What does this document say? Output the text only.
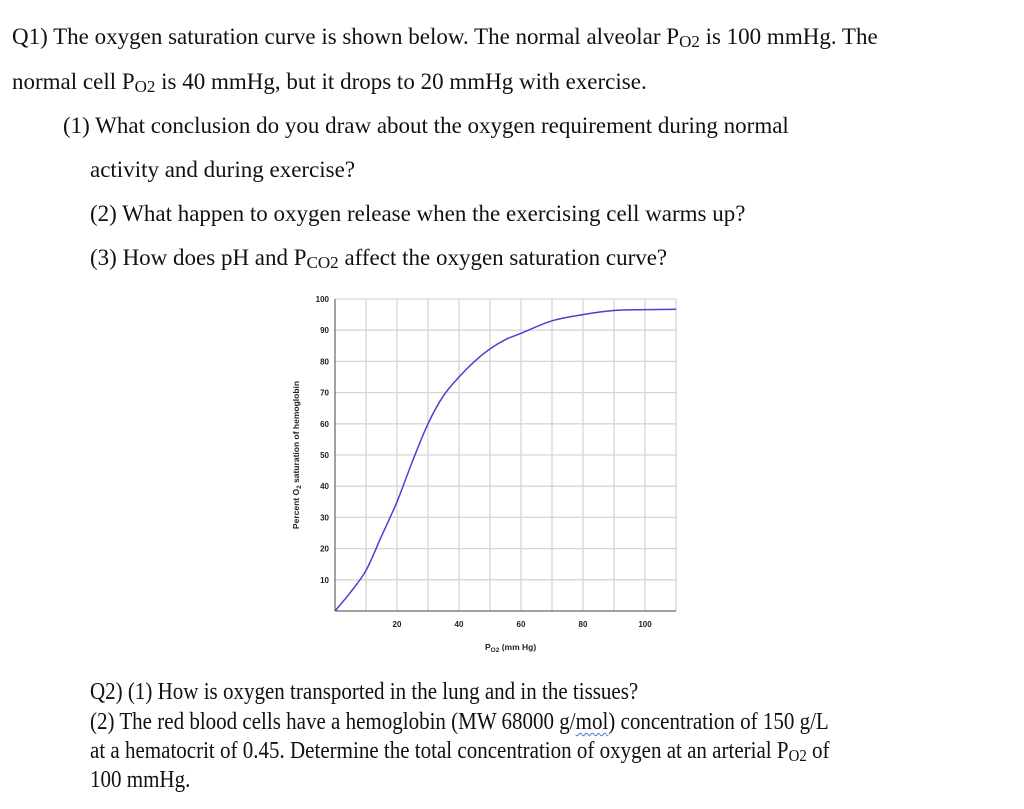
Q1) The oxygen saturation curve is shown below. The normal alveolar PO2 is 100 mmHg. The
normal cell PO2 is 40 mmHg, but it drops to 20 mmHg with exercise.
(1) What conclusion do you draw about the oxygen requirement during normal
activity and during exercise?
(2) What happen to oxygen release when the exercising cell warms up?
(3) How does pH and PCO2 affect the oxygen saturation curve?
10
20
30
40
50
60
70
80
90
100
20	40	60	80	100
Percent $O_2$ saturation of hemoglobin
$P_{O2}$ (mm Hg)
Q2) (1) How is oxygen transported in the lung and in the tissues?
(2) The red blood cells have a hemoglobin (MW 68000 g/mol) concentration of 150 g/L
at a hematocrit of 0.45. Determine the total concentration of oxygen at an arterial PO2 of
100 mmHg.
